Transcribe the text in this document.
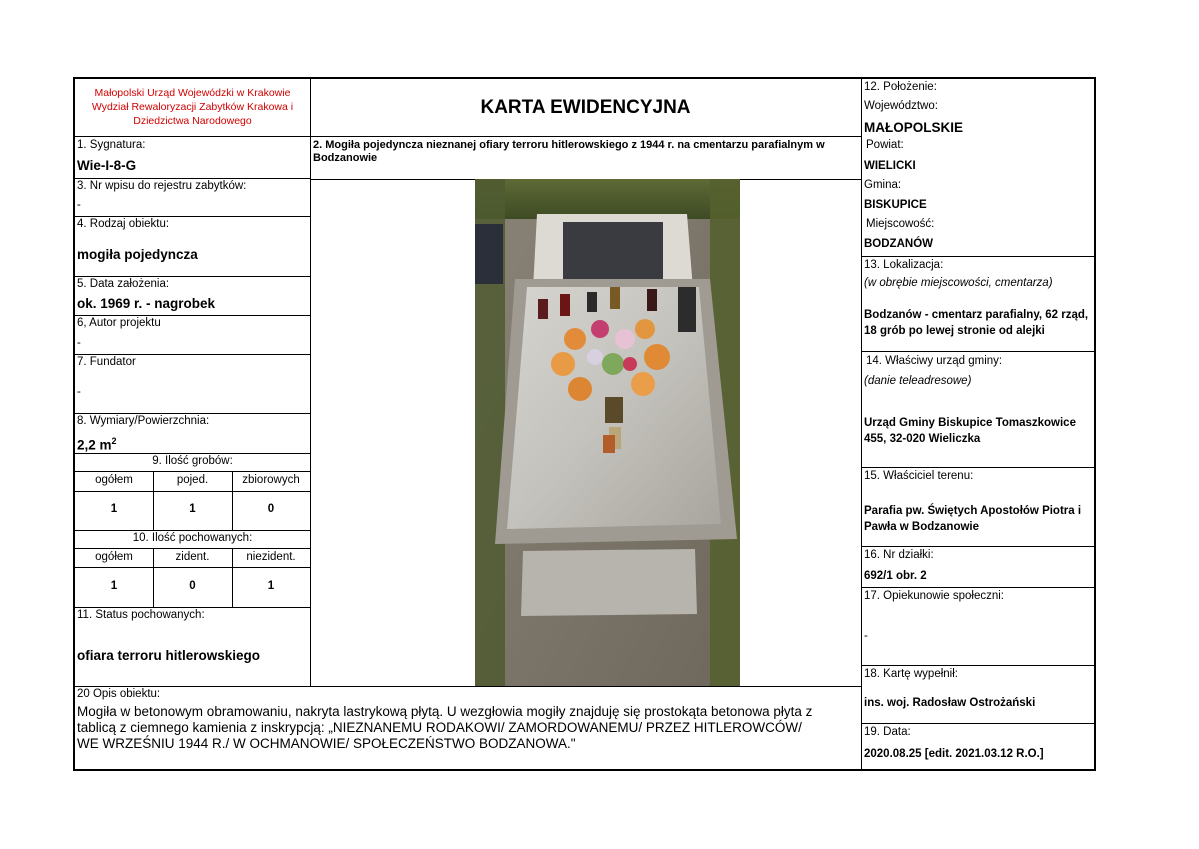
Małopolski Urząd Wojewódzki w Krakowie
Wydział Rewaloryzacji Zabytków Krakowa i
Dziedzictwa Narodowego
KARTA EWIDENCYJNA
1. Sygnatura:
Wie-I-8-G
3. Nr wpisu do rejestru zabytków:
-
4. Rodzaj obiektu:
mogiła pojedyncza
5. Data założenia:
ok. 1969 r. - nagrobek
6, Autor projektu
-
7. Fundator
-
8. Wymiary/Powierzchnia:
2,2 $m^2$
9. Ilość grobów:
ogółem	pojed.	zbiorowych
1	1	0
10. Ilość pochowanych:
ogółem	zident.	niezident.
1	0	1
11. Status pochowanych:
ofiara terroru hitlerowskiego
2. Mogiła pojedyncza nieznanej ofiary terroru hitlerowskiego z 1944 r. na cmentarzu parafialnym w
Bodzanowie
12. Położenie:
Województwo:
MAŁOPOLSKIE
Powiat:
WIELICKI
Gmina:
BISKUPICE
Miejscowość:
BODZANÓW
13. Lokalizacja:
(w obrębie miejscowości, cmentarza)
Bodzanów - cmentarz parafialny, 62 rząd,
18 grób po lewej stronie od alejki
14. Właściwy urząd gminy:
(danie teleadresowe)
Urząd Gminy Biskupice Tomaszkowice
455, 32-020 Wieliczka
15. Właściciel terenu:
Parafia pw. Świętych Apostołów Piotra i
Pawła w Bodzanowie
16. Nr działki:
692/1 obr. 2
17. Opiekunowie społeczni:
-
18. Kartę wypełnił:
ins. woj. Radosław Ostrożański
19. Data:
2020.08.25 [edit. 2021.03.12 R.O.]
20 Opis obiektu:
Mogiła w betonowym obramowaniu, nakryta lastrykową płytą. U wezgłowia mogiły znajduję się prostokąta betonowa płyta z
tablicą z ciemnego kamienia z inskrypcją: „NIEZNANEMU RODAKOWI/ ZAMORDOWANEMU/ PRZEZ HITLEROWCÓW/
WE WRZEŚNIU 1944 R./ W OCHMANOWIE/ SPOŁECZEŃSTWO BODZANOWA."
